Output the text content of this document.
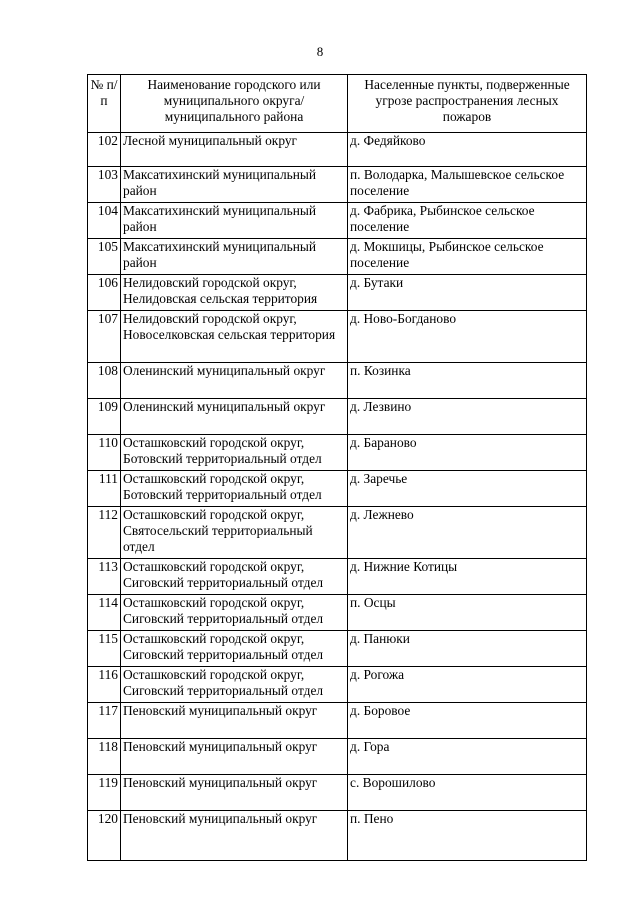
8
№ п/п	Наименование городского или муниципального округа/муниципального района	Населенные пункты, подверженные угрозе распространения лесных пожаров
102	Лесной муниципальный округ	д. Федяйково
103	Максатихинский муниципальный район	п. Володарка, Малышевское сельское поселение
104	Максатихинский муниципальный район	д. Фабрика, Рыбинское сельское поселение
105	Максатихинский муниципальный район	д. Мокшицы, Рыбинское сельское поселение
106	Нелидовский городской округ, Нелидовская сельская территория	д. Бутаки
107	Нелидовский городской округ, Новоселковская сельская территория	д. Ново-Богданово
108	Оленинский муниципальный округ	п. Козинка
109	Оленинский муниципальный округ	д. Лезвино
110	Осташковский городской округ, Ботовский территориальный отдел	д. Бараново
111	Осташковский городской округ, Ботовский территориальный отдел	д. Заречье
112	Осташковский городской округ, Святосельский территориальный отдел	д. Лежнево
113	Осташковский городской округ, Сиговский территориальный отдел	д. Нижние Котицы
114	Осташковский городской округ, Сиговский территориальный отдел	п. Осцы
115	Осташковский городской округ, Сиговский территориальный отдел	д. Панюки
116	Осташковский городской округ, Сиговский территориальный отдел	д. Рогожа
117	Пеновский муниципальный округ	д. Боровое
118	Пеновский муниципальный округ	д. Гора
119	Пеновский муниципальный округ	с. Ворошилово
120	Пеновский муниципальный округ	п. Пено
